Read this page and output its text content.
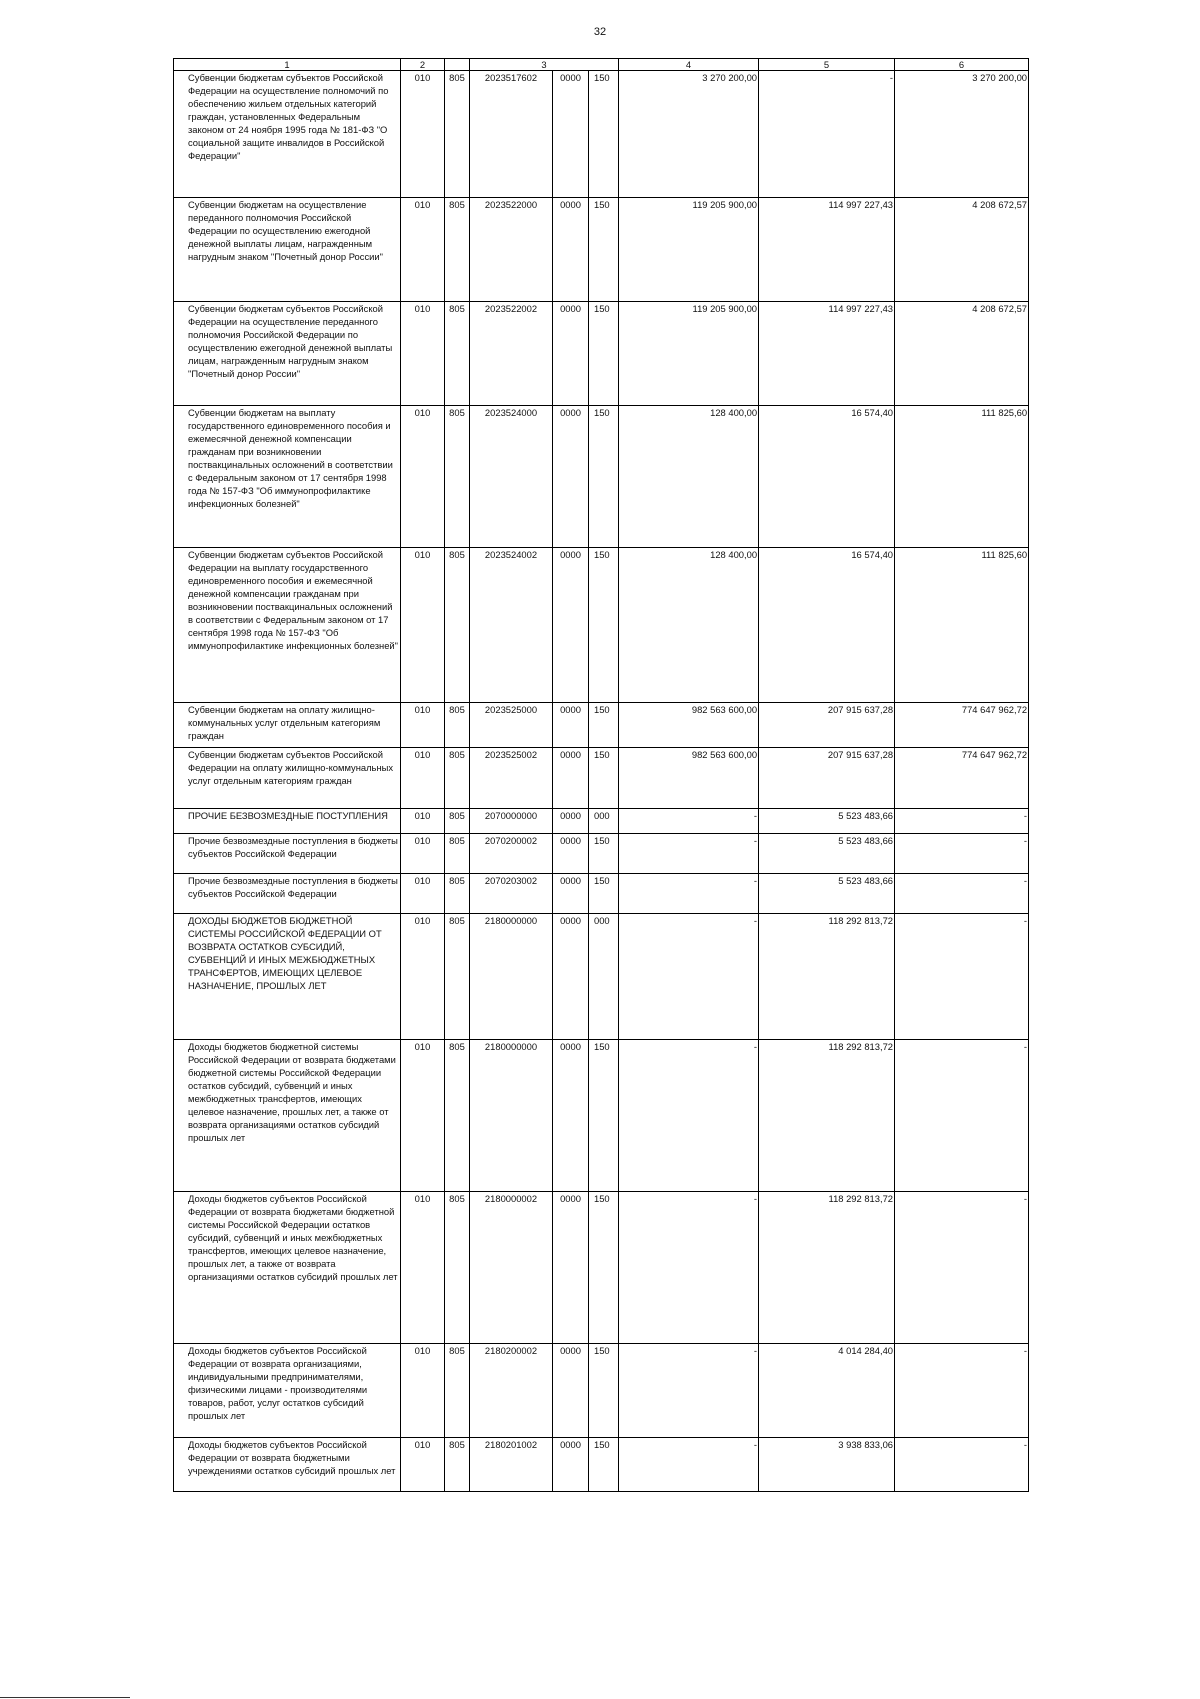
32
1	2		3			4	5	6
Субвенции бюджетам субъектов Российской Федерации на осуществление полномочий по обеспечению жильем отдельных категорий граждан, установленных Федеральным законом от 24 ноября 1995 года № 181-ФЗ "О социальной защите инвалидов в Российской Федерации"	010	805	2023517602	0000	150	3 270 200,00	-	3 270 200,00
Субвенции бюджетам на осуществление переданного полномочия Российской Федерации по осуществлению ежегодной денежной выплаты лицам, награжденным нагрудным знаком "Почетный донор России"	010	805	2023522000	0000	150	119 205 900,00	114 997 227,43	4 208 672,57
Субвенции бюджетам субъектов Российской Федерации на осуществление переданного полномочия Российской Федерации по осуществлению ежегодной денежной выплаты лицам, награжденным нагрудным знаком "Почетный донор России"	010	805	2023522002	0000	150	119 205 900,00	114 997 227,43	4 208 672,57
Субвенции бюджетам на выплату государственного единовременного пособия и ежемесячной денежной компенсации гражданам при возникновении поствакцинальных осложнений в соответствии с Федеральным законом от 17 сентября 1998 года № 157-ФЗ "Об иммунопрофилактике инфекционных болезней"	010	805	2023524000	0000	150	128 400,00	16 574,40	111 825,60
Субвенции бюджетам субъектов Российской Федерации на выплату государственного единовременного пособия и ежемесячной денежной компенсации гражданам при возникновении поствакцинальных осложнений в соответствии с Федеральным законом от 17 сентября 1998 года № 157-ФЗ "Об иммунопрофилактике инфекционных болезней"	010	805	2023524002	0000	150	128 400,00	16 574,40	111 825,60
Субвенции бюджетам на оплату жилищно-коммунальных услуг отдельным категориям граждан	010	805	2023525000	0000	150	982 563 600,00	207 915 637,28	774 647 962,72
Субвенции бюджетам субъектов Российской Федерации на оплату жилищно-коммунальных услуг отдельным категориям граждан	010	805	2023525002	0000	150	982 563 600,00	207 915 637,28	774 647 962,72
ПРОЧИЕ БЕЗВОЗМЕЗДНЫЕ ПОСТУПЛЕНИЯ	010	805	2070000000	0000	000	-	5 523 483,66	-
Прочие безвозмездные поступления в бюджеты субъектов Российской Федерации	010	805	2070200002	0000	150	-	5 523 483,66	-
Прочие безвозмездные поступления в бюджеты субъектов Российской Федерации	010	805	2070203002	0000	150	-	5 523 483,66	-
ДОХОДЫ БЮДЖЕТОВ БЮДЖЕТНОЙ СИСТЕМЫ РОССИЙСКОЙ ФЕДЕРАЦИИ ОТ ВОЗВРАТА ОСТАТКОВ СУБСИДИЙ, СУБВЕНЦИЙ И ИНЫХ МЕЖБЮДЖЕТНЫХ ТРАНСФЕРТОВ, ИМЕЮЩИХ ЦЕЛЕВОЕ НАЗНАЧЕНИЕ, ПРОШЛЫХ ЛЕТ	010	805	2180000000	0000	000	-	118 292 813,72	-
Доходы бюджетов бюджетной системы Российской Федерации от возврата бюджетами бюджетной системы Российской Федерации остатков субсидий, субвенций и иных межбюджетных трансфертов, имеющих целевое назначение, прошлых лет, а также от возврата организациями остатков субсидий прошлых лет	010	805	2180000000	0000	150	-	118 292 813,72	-
Доходы бюджетов субъектов Российской Федерации от возврата бюджетами бюджетной системы Российской Федерации остатков субсидий, субвенций и иных межбюджетных трансфертов, имеющих целевое назначение, прошлых лет, а также от возврата организациями остатков субсидий прошлых лет	010	805	2180000002	0000	150	-	118 292 813,72	-
Доходы бюджетов субъектов Российской Федерации от возврата организациями, индивидуальными предпринимателями, физическими лицами - производителями товаров, работ, услуг остатков субсидий прошлых лет	010	805	2180200002	0000	150	-	4 014 284,40	-
Доходы бюджетов субъектов Российской Федерации от возврата бюджетными учреждениями остатков субсидий прошлых лет	010	805	2180201002	0000	150	-	3 938 833,06	-
